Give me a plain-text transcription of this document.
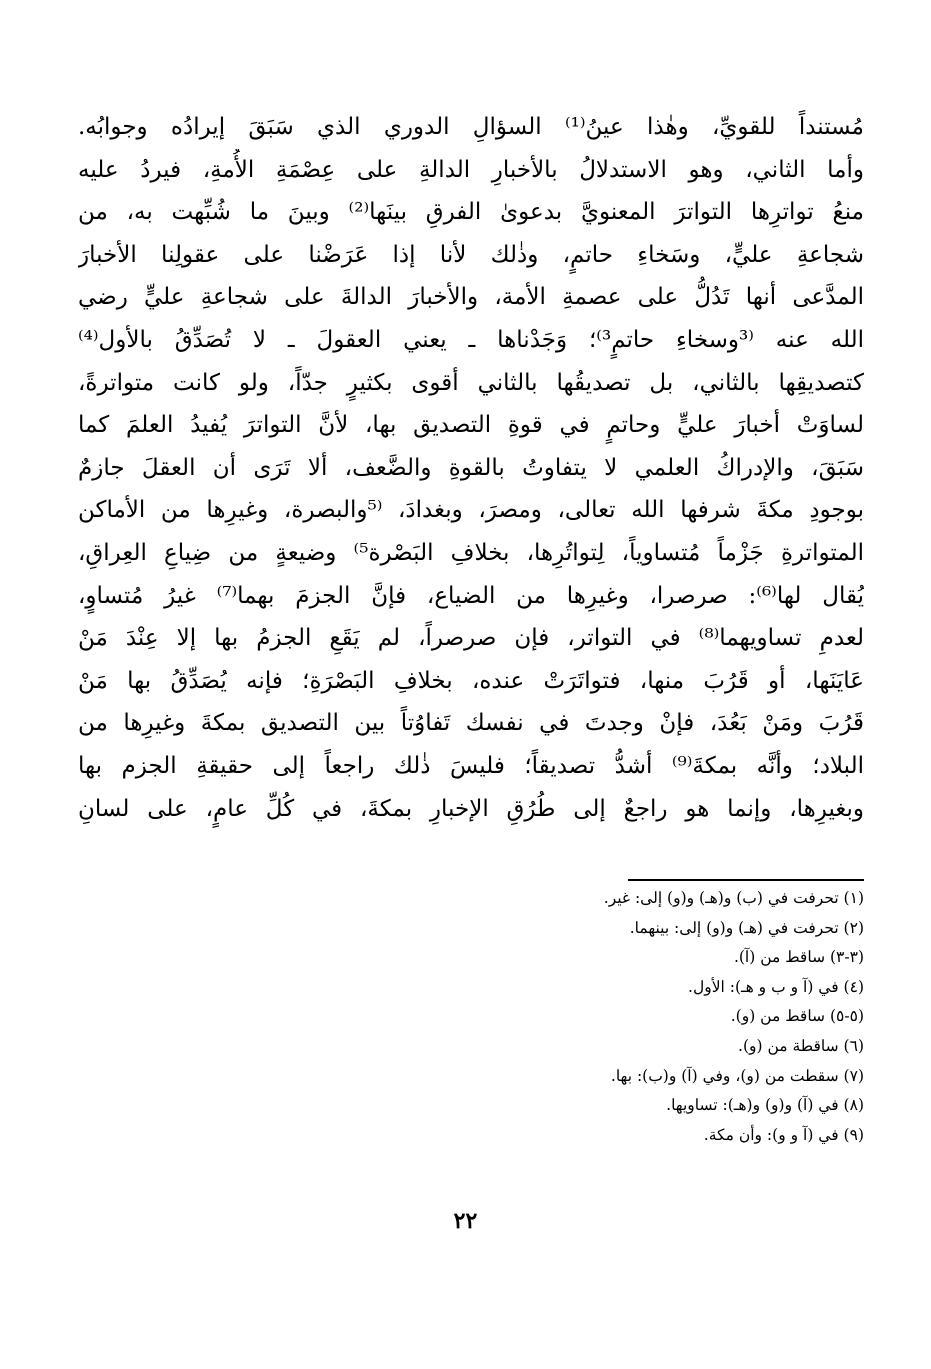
مُستنداً للقويِّ، وهٰذا عينُ⁽¹⁾ السؤالِ الدوري الذي سَبَقَ إيرادُه وجوابُه.
وأما الثاني، وهو الاستدلالُ بالأخبارِ الدالةِ على عِصْمَةِ الأُمةِ، فيردُ عليه
منعُ تواترِها التواترَ المعنويَّ بدعوىٰ الفرقِ بينَها⁽²⁾ وبينَ ما شُبِّهت به، من
شجاعةِ عليٍّ، وسَخاءِ حاتمٍ، وذٰلك لأنا إذا عَرَضْنا على عقولِنا الأخبارَ
المدَّعى أنها تَدُلُّ على عصمةِ الأمة، والأخبارَ الدالةَ على شجاعةِ عليٍّ رضي
الله عنه ⁽³وسخاءِ حاتمٍ³⁾؛ وَجَدْناها ـ يعني العقولَ ـ لا تُصَدِّقُ بالأول⁽⁴⁾
كتصديقِها بالثاني، بل تصديقُها بالثاني أقوى بكثيرٍ جدّاً، ولو كانت متواترةً،
لساوَتْ أخبارَ عليٍّ وحاتمٍ في قوةِ التصديق بها، لأنَّ التواترَ يُفيدُ العلمَ كما
سَبَقَ، والإدراكُ العلمي لا يتفاوتُ بالقوةِ والضَّعف، ألا تَرَى أن العقلَ جازمٌ
بوجودِ مكةَ شرفها الله تعالى، ومصرَ، وبغدادَ، ⁽⁵والبصرة، وغيرِها من الأماكن
المتواترةِ جَزْماً مُتساوياً، لِتواتُرِها، بخلافِ البَصْرة⁵⁾ وضيعةٍ من ضِياعِ العِراقِ،
يُقال لها⁽⁶⁾: صرصرا، وغيرِها من الضياع، فإنَّ الجزمَ بهما⁽⁷⁾ غيرُ مُتساوٍ،
لعدمِ تساويهما⁽⁸⁾ في التواتر، فإن صرصراً، لم يَقَعِ الجزمُ بها إلا عِنْدَ مَنْ
عَايَنَها، أو قَرُبَ منها، فتواتَرَتْ عنده، بخلافِ البَصْرَةِ؛ فإنه يُصَدِّقُ بها مَنْ
قَرُبَ ومَنْ بَعُدَ، فإنْ وجدتَ في نفسك تَفاوُتاً بين التصديق بمكةَ وغيرِها من
البلاد؛ وأنَّه بمكةَ⁽⁹⁾ أشدُّ تصديقاً؛ فليسَ ذٰلك راجعاً إلى حقيقةِ الجزم بها
وبغيرِها، وإنما هو راجعٌ إلى طُرُقِ الإخبارِ بمكةَ، في كُلِّ عامٍ، على لسانِ
(١) تحرفت في (ب) و(هـ) و(و) إلى: غير.
(٢) تحرفت في (هـ) و(و) إلى: بينهما.
(٣-٣) ساقط من (آ).
(٤) في (آ و ب و هـ): الأول.
(٥-٥) ساقط من (و).
(٦) ساقطة من (و).
(٧) سقطت من (و)، وفي (آ) و(ب): بها.
(٨) في (آ) و(و) و(هـ): تساويها.
(٩) في (آ و و): وأن مكة.
٢٢
